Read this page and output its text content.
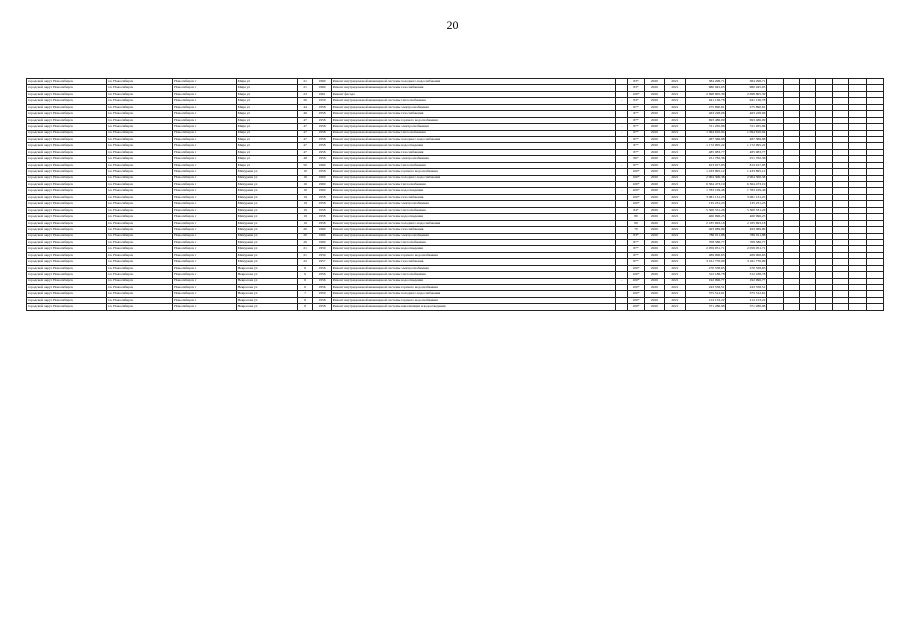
20
городской округ Новосибирск	г.п. Новосибирск	Новосибирск г	Мира ул	21	1960	Ремонт внутридомовой инженерной системы холодного водоснабжения		83*	2020	2021	384 298,71	384 298,71							
городской округ Новосибирск	г.п. Новосибирск	Новосибирск г	Мира ул	21	1960	Ремонт внутридомовой инженерной системы газоснабжения		83*	2020	2021	980 945,05	980 945,05							
городской округ Новосибирск	г.п. Новосибирск	Новосибирск г	Мира ул	23	1961	Ремонт фасада		100*	2020	2021	2 698 805,39	2 698 805,39							
городской округ Новосибирск	г.п. Новосибирск	Новосибирск г	Мира ул	26	1959	Ремонт внутридомовой инженерной системы теплоснабжения	-	83*	2020	2021	641 136,78	641 136,78							
городской округ Новосибирск	г.п. Новосибирск	Новосибирск г	Мира ул	44	1958	Ремонт внутридомовой инженерной системы электроснабжения		87*	2020	2021	275 890,81	275 890,81							
городской округ Новосибирск	г.п. Новосибирск	Новосибирск г	Мира ул	46	1958	Ремонт внутридомовой инженерной системы газоснабжения		87*	2020	2021	463 228,06	463 228,06							
городской округ Новосибирск	г.п. Новосибирск	Новосибирск г	Мира ул	47	1958	Ремонт внутридомовой инженерной системы горячего водоснабжения		87*	2020	2021	693 486,09	693 486,09							
городской округ Новосибирск	г.п. Новосибирск	Новосибирск г	Мира ул	47	1958	Ремонт внутридомовой инженерной системы электроснабжения	-	87*	2020	2021	721 265,86	721 265,86							
городской округ Новосибирск	г.п. Новосибирск	Новосибирск г	Мира ул	47	1958	Ремонт внутридомовой инженерной системы теплоснабжения	-	87*	2020	2021	1 094 810,94	1 094 810,94							
городской округ Новосибирск	г.п. Новосибирск	Новосибирск г	Мира ул	47	1958	Ремонт внутридомовой инженерной системы холодного водоснабжения		87*	2020	2021	487 369,98	487 369,98							
городской округ Новосибирск	г.п. Новосибирск	Новосибирск г	Мира ул	47	1958	Ремонт внутридомовой инженерной системы водоотведения		87*	2020	2021	1 172 095,22	1 172 095,22							
городской округ Новосибирск	г.п. Новосибирск	Новосибирск г	Мира ул	47	1958	Ремонт внутридомовой инженерной системы газоснабжения		87*	2020	2021	485 983,77	485 983,77							
городской округ Новосибирск	г.п. Новосибирск	Новосибирск г	Мира ул	48	1956	Ремонт внутридомовой инженерной системы электроснабжения		86*	2020	2021	251 782,36	251 782,36							
городской округ Новосибирск	г.п. Новосибирск	Новосибирск г	Мира ул	50	1960	Ремонт внутридомовой инженерной системы теплоснабжения	-	87*	2020	2021	813 017,83	813 017,83							
городской округ Новосибирск	г.п. Новосибирск	Новосибирск г	Мичурина ул	10	1958	Ремонт внутридомовой инженерной системы горячего водоснабжения		100*	2020	2021	1 433 895,12	1 433 895,12							
городской округ Новосибирск	г.п. Новосибирск	Новосибирск г	Мичурина ул	16	1960	Ремонт внутридомовой инженерной системы холодного водоснабжения		100*	2020	2021	2 004 306,38	2 004 306,38							
городской округ Новосибирск	г.п. Новосибирск	Новосибирск г	Мичурина ул	16	1960	Ремонт внутридомовой инженерной системы теплоснабжения		100*	2020	2021	6 364 473,19	6 364 473,19							
городской округ Новосибирск	г.п. Новосибирск	Новосибирск г	Мичурина ул	16	1960	Ремонт внутридомовой инженерной системы водоотведения	-	100*	2020	2021	1 783 109,46	1 783 109,46							
городской округ Новосибирск	г.п. Новосибирск	Новосибирск г	Мичурина ул	19	1958	Ремонт внутридомовой инженерной системы газоснабжения		100*	2020	2021	3 081 131,25	3 081 131,25							
городской округ Новосибирск	г.п. Новосибирск	Новосибирск г	Мичурина ул	19	1958	Ремонт внутридомовой инженерной системы электроснабжения		100*	2020	2021	135 231,23	135 231,23							
городской округ Новосибирск	г.п. Новосибирск	Новосибирск г	Мичурина ул	19	1958	Ремонт внутридомовой инженерной системы теплоснабжения		84*	2020	2021	5 300 531,26	5 300 531,26							
городской округ Новосибирск	г.п. Новосибирск	Новосибирск г	Мичурина ул	19	1958	Ремонт внутридомовой инженерной системы водоотведения		80	2020	2021	460 996,25	460 996,25							
городской округ Новосибирск	г.п. Новосибирск	Новосибирск г	Мичурина ул	19	1958	Ремонт внутридомовой инженерной системы холодного водоснабжения		80	2020	2021	2 185 693,18	2 185 693,18							
городской округ Новосибирск	г.п. Новосибирск	Новосибирск г	Мичурина ул	20	1960	Ремонт внутридомовой инженерной системы газоснабжения		70	2020	2021	493 089,89	493 089,89							
городской округ Новосибирск	г.п. Новосибирск	Новосибирск г	Мичурина ул	20	1960	Ремонт внутридомовой инженерной системы электроснабжения		83*	2020	2021	786 011,88	786 011,88							
городской округ Новосибирск	г.п. Новосибирск	Новосибирск г	Мичурина ул	20	1960	Ремонт внутридомовой инженерной системы теплоснабжения		87*	2020	2021	708 586,77	708 586,77							
городской округ Новосибирск	г.п. Новосибирск	Новосибирск г	Мичурина ул	21	1959	Ремонт внутридомовой инженерной системы водоотведения		87*	2020	2021	2 059 051,71	2 059 051,71							
городской округ Новосибирск	г.п. Новосибирск	Новосибирск г	Мичурина ул	21	1959	Ремонт внутридомовой инженерной системы горячего водоснабжения		87*	2020	2021	489 006,65	489 006,65							
городской округ Новосибирск	г.п. Новосибирск	Новосибирск г	Мичурина ул	22	1957	Ремонт внутридомовой инженерной системы газоснабжения		87*	2020	2021	3 161 770,09	3 161 770,09							
городской округ Новосибирск	г.п. Новосибирск	Новосибирск г	Некрасова ул	6	1956	Ремонт внутридомовой инженерной системы электроснабжения		100*	2020	2021	270 558,65	270 558,65							
городской округ Новосибирск	г.п. Новосибирск	Новосибирск г	Некрасова ул	6	1956	Ремонт внутридомовой инженерной системы теплоснабжения		100*	2020	2021	312 188,78	312 188,78							
городской округ Новосибирск	г.п. Новосибирск	Новосибирск г	Некрасова ул	6	1956	Ремонт внутридомовой инженерной системы водоотведения	-	100*	2020	2021	192 996,77	192 996,77							
городской округ Новосибирск	г.п. Новосибирск	Новосибирск г	Некрасова ул	6	1956	Ремонт внутридомовой инженерной системы горячего водоснабжения		100*	2020	2021	243 558,51	243 558,51							
городской округ Новосибирск	г.п. Новосибирск	Новосибирск г	Некрасова ул	7	1959	Ремонт внутридомовой инженерной системы холодного водоснабжения		100*	2020	2021	375 512,61	375 512,61							
городской округ Новосибирск	г.п. Новосибирск	Новосибирск г	Некрасова ул	8	1958	Ремонт внутридомовой инженерной системы горячего водоснабжения		100*	2020	2021	214 153,22	214 153,22							
городской округ Новосибирск	г.п. Новосибирск	Новосибирск г	Некрасова ул	8	1958	Ремонт внутридомовой инженерной системы канализации и водоотведения		100*	2020	2021	371 286,98	371 286,98							
